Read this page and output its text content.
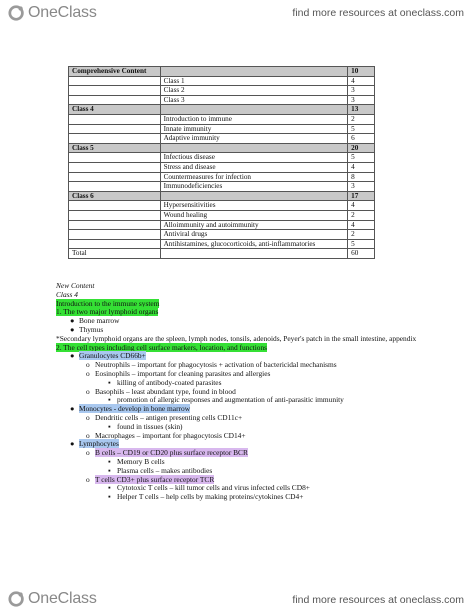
OneClass	find more resources at oneclass.com
Comprehensive Content		10
	Class 1	4
	Class 2	3
	Class 3	3
Class 4		13
	Introduction to immune	2
	Innate immunity	5
	Adaptive immunity	6
Class 5		20
	Infectious disease	5
	Stress and disease	4
	Countermeasures for infection	8
	Immunodeficiencies	3
Class 6		17
	Hypersensitivities	4
	Wound healing	2
	Alloimmunity and autoimmunity	4
	Antiviral drugs	2
	Antihistamines, glucocorticoids, anti-inflammatories	5
Total		60
New Content
Class 4
Introduction to the immune system
1. The two major lymphoid organs
● Bone marrow
● Thymus
*Secondary lymphoid organs are the spleen, lymph nodes, tonsils, adenoids, Peyer's patch in the small intestine, appendix
2. The cell types including cell surface markers, location, and functions
● Granulocytes CD66b+
o Neutrophils – important for phagocytosis + activation of bactericidal mechanisms
o Eosinophils – important for cleaning parasites and allergies
▪ killing of antibody-coated parasites
o Basophils – least abundant type, found in blood
▪ promotion of allergic responses and augmentation of anti-parasitic immunity
● Monocytes - develop in bone marrow
o Dendritic cells – antigen presenting cells CD11c+
▪ found in tissues (skin)
o Macrophages – important for phagocytosis CD14+
● Lymphocytes
o B cells – CD19 or CD20 plus surface receptor BCR
▪ Memory B cells
▪ Plasma cells – makes antibodies
o T cells CD3+ plus surface receptor TCR
▪ Cytotoxic T cells – kill tumor cells and virus infected cells CD8+
▪ Helper T cells – help cells by making proteins/cytokines CD4+
OneClass	find more resources at oneclass.com
